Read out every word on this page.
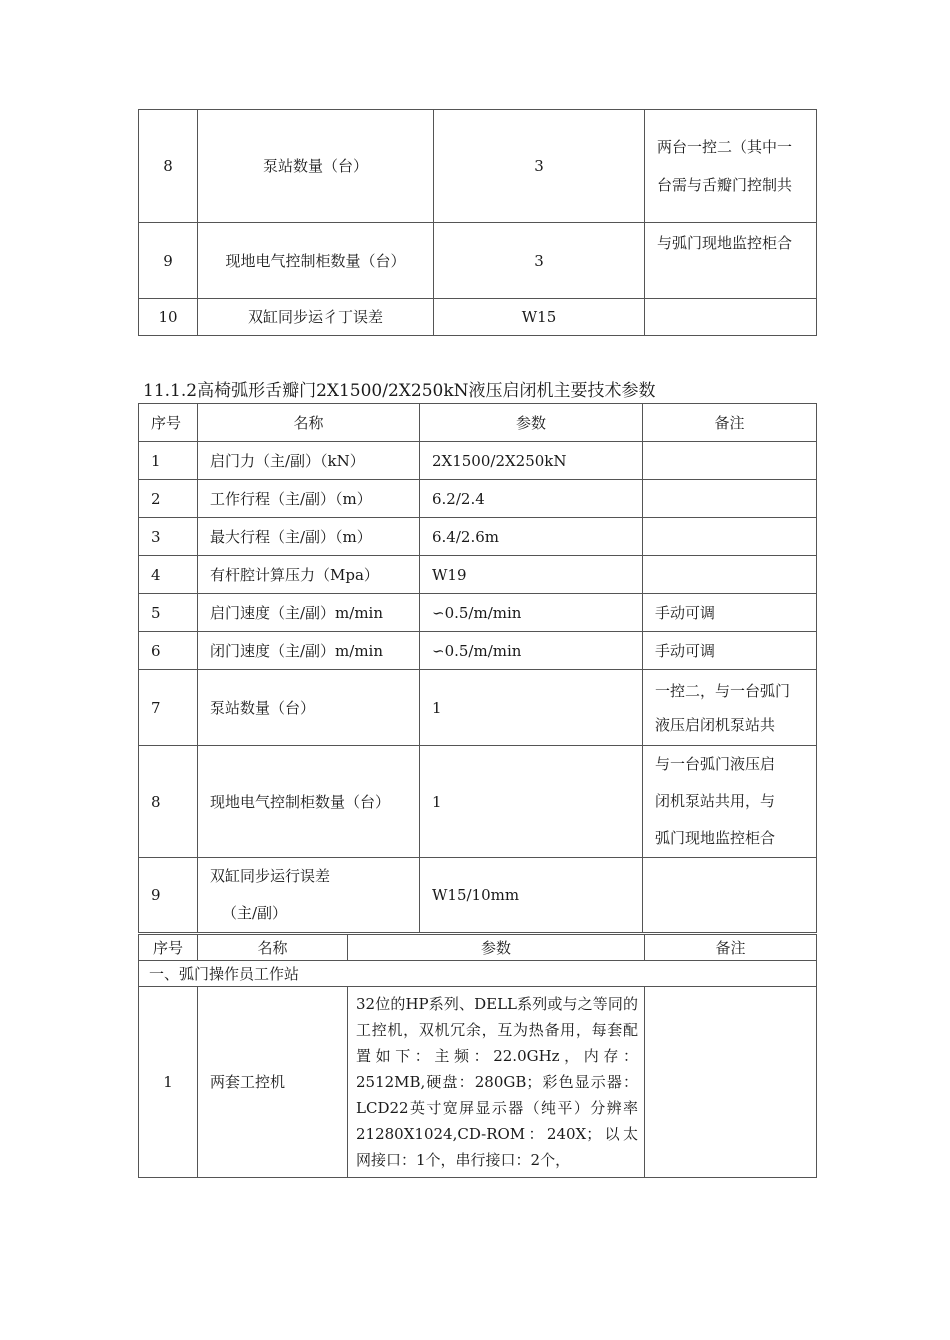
8	泵站数量（台）	3	两台一控二（其中一
台需与舌瓣门控制共

9	现地电气控制柜数量（台）	3	与弧门现地监控柜合

10	双缸同步运彳丁误差	W15	
11.1.2高椅弧形舌瓣门2X1500/2X250kN液压启闭机主要技术参数
序号	名称	参数	备注
1	启门力（主/副）（kN）	2X1500/2X250kN	
2	工作行程（主/副）（m）	6.2/2.4	
3	最大行程（主/副）（m）	6.4/2.6m	
4	有杆腔计算压力（Mpa）	W19	
5	启门速度（主/副）m/min	∽0.5/m/min	手动可调
6	闭门速度（主/副）m/min	∽0.5/m/min	手动可调
7	泵站数量（台）	1	一控二，与一台弧门
液压启闭机泵站共

8	现地电气控制柜数量（台）	1	与一台弧门液压启
闭机泵站共用，与
弧门现地监控柜合

9	双缸同步运行误差
（主/副）	W15/10mm	
序号	名称	参数	备注
一、弧门操作员工作站			
1	两套工控机	32位的HP系列、DELL系列或与之等同的工控机，双机冗余，互为热备用，每套配置如下：主频：22.0GHz，内存：2512MB,硬盘：280GB；彩色显示器：LCD22英寸宽屏显示器（纯平）分辨率21280X1024,CD-ROM：240X；以太网接口：1个，串行接口：2个，	
